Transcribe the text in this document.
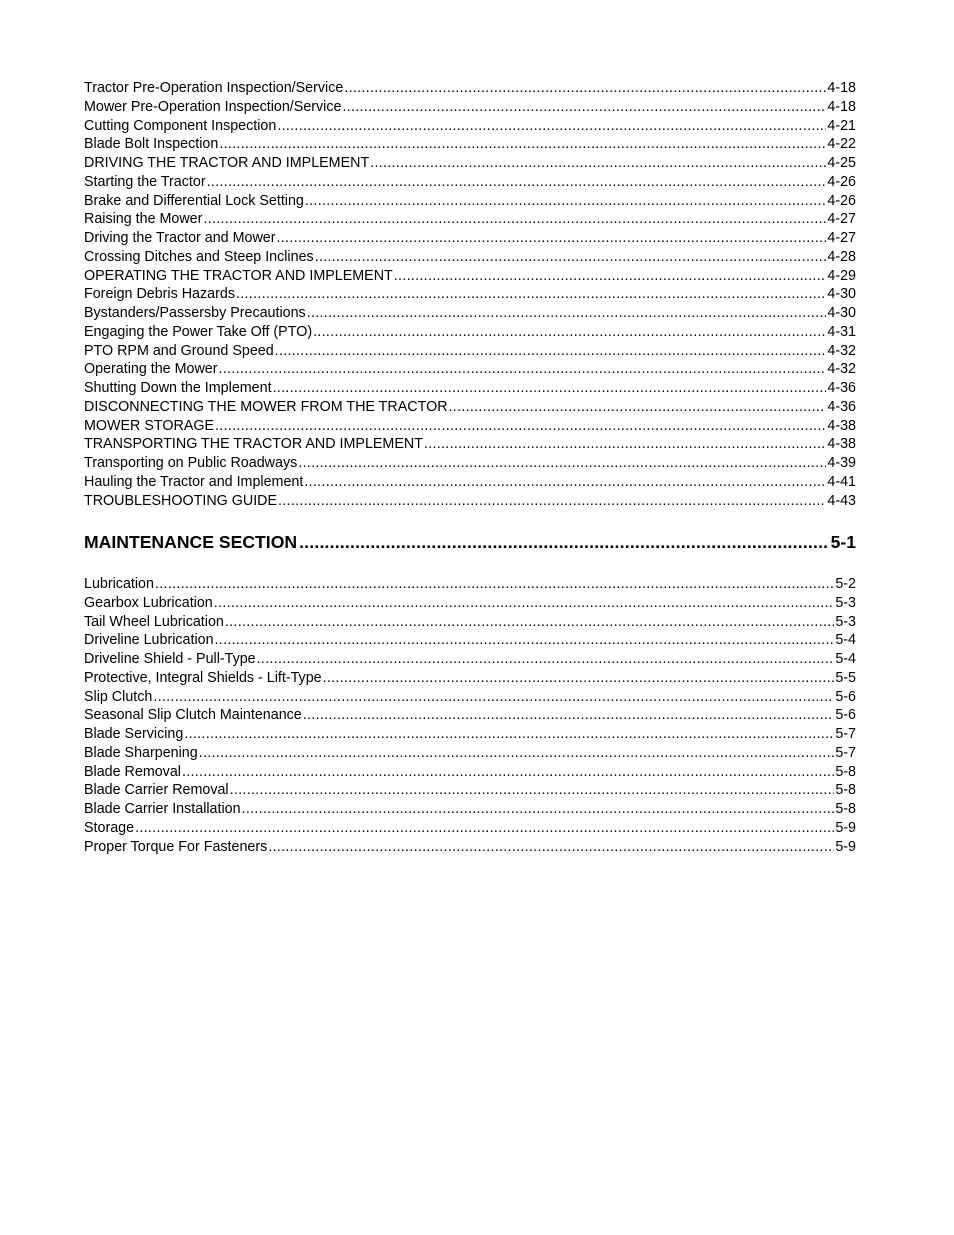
Tractor Pre-Operation Inspection/Service .....	4-18
Mower Pre-Operation Inspection/Service .....	4-18
Cutting Component Inspection .....	4-21
Blade Bolt Inspection .....	4-22
DRIVING THE TRACTOR AND IMPLEMENT .....	4-25
Starting the Tractor .....	4-26
Brake and Differential Lock Setting .....	4-26
Raising the Mower .....	4-27
Driving the Tractor and Mower .....	4-27
Crossing Ditches and Steep Inclines .....	4-28
OPERATING THE TRACTOR AND IMPLEMENT .....	4-29
Foreign Debris Hazards .....	4-30
Bystanders/Passersby Precautions .....	4-30
Engaging the Power Take Off (PTO) .....	4-31
PTO RPM and Ground Speed .....	4-32
Operating the Mower .....	4-32
Shutting Down the Implement .....	4-36
DISCONNECTING THE MOWER FROM THE TRACTOR .....	4-36
MOWER STORAGE .....	4-38
TRANSPORTING THE TRACTOR AND IMPLEMENT .....	4-38
Transporting on Public Roadways .....	4-39
Hauling the Tractor and Implement .....	4-41
TROUBLESHOOTING GUIDE .....	4-43
MAINTENANCE SECTION .....	5-1
Lubrication .....	5-2
Gearbox Lubrication .....	5-3
Tail Wheel Lubrication .....	5-3
Driveline Lubrication .....	5-4
Driveline Shield - Pull-Type .....	5-4
Protective, Integral Shields - Lift-Type .....	5-5
Slip Clutch .....	5-6
Seasonal Slip Clutch Maintenance .....	5-6
Blade Servicing .....	5-7
Blade Sharpening .....	5-7
Blade Removal .....	5-8
Blade Carrier Removal .....	5-8
Blade Carrier Installation .....	5-8
Storage .....	5-9
Proper Torque For Fasteners .....	5-9
